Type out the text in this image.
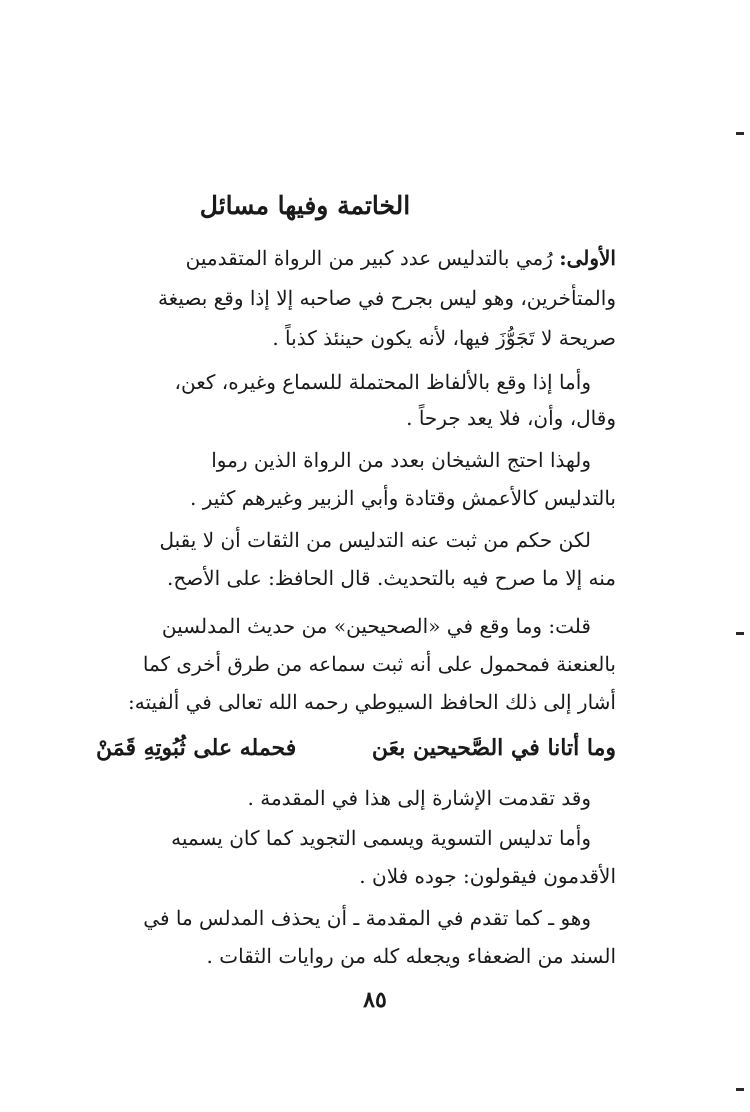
الخاتمة وفيها مسائل
الأولى: رُمي بالتدليس عدد كبير من الرواة المتقدمين
والمتأخرين، وهو ليس بجرح في صاحبه إلا إذا وقع بصيغة
صريحة لا تَجَوُّزَ فيها، لأنه يكون حينئذ كذباً .
وأما إذا وقع بالألفاظ المحتملة للسماع وغيره، كعن،
وقال، وأن، فلا يعد جرحاً .
ولهذا احتج الشيخان بعدد من الرواة الذين رموا
بالتدليس كالأعمش وقتادة وأبي الزبير وغيرهم كثير .
لكن حكم من ثبت عنه التدليس من الثقات أن لا يقبل
منه إلا ما صرح فيه بالتحديث. قال الحافظ: على الأصح.
قلت: وما وقع في «الصحيحين» من حديث المدلسين
بالعنعنة فمحمول على أنه ثبت سماعه من طرق أخرى كما
أشار إلى ذلك الحافظ السيوطي رحمه الله تعالى في ألفيته:
وما أتانا في الصَّحيحين بعَن
فحمله على ثُبُوتِهِ قَمَنْ
وقد تقدمت الإشارة إلى هذا في المقدمة .
وأما تدليس التسوية ويسمى التجويد كما كان يسميه
الأقدمون فيقولون: جوده فلان .
وهو ـ كما تقدم في المقدمة ـ أن يحذف المدلس ما في
السند من الضعفاء ويجعله كله من روايات الثقات .
٨٥
